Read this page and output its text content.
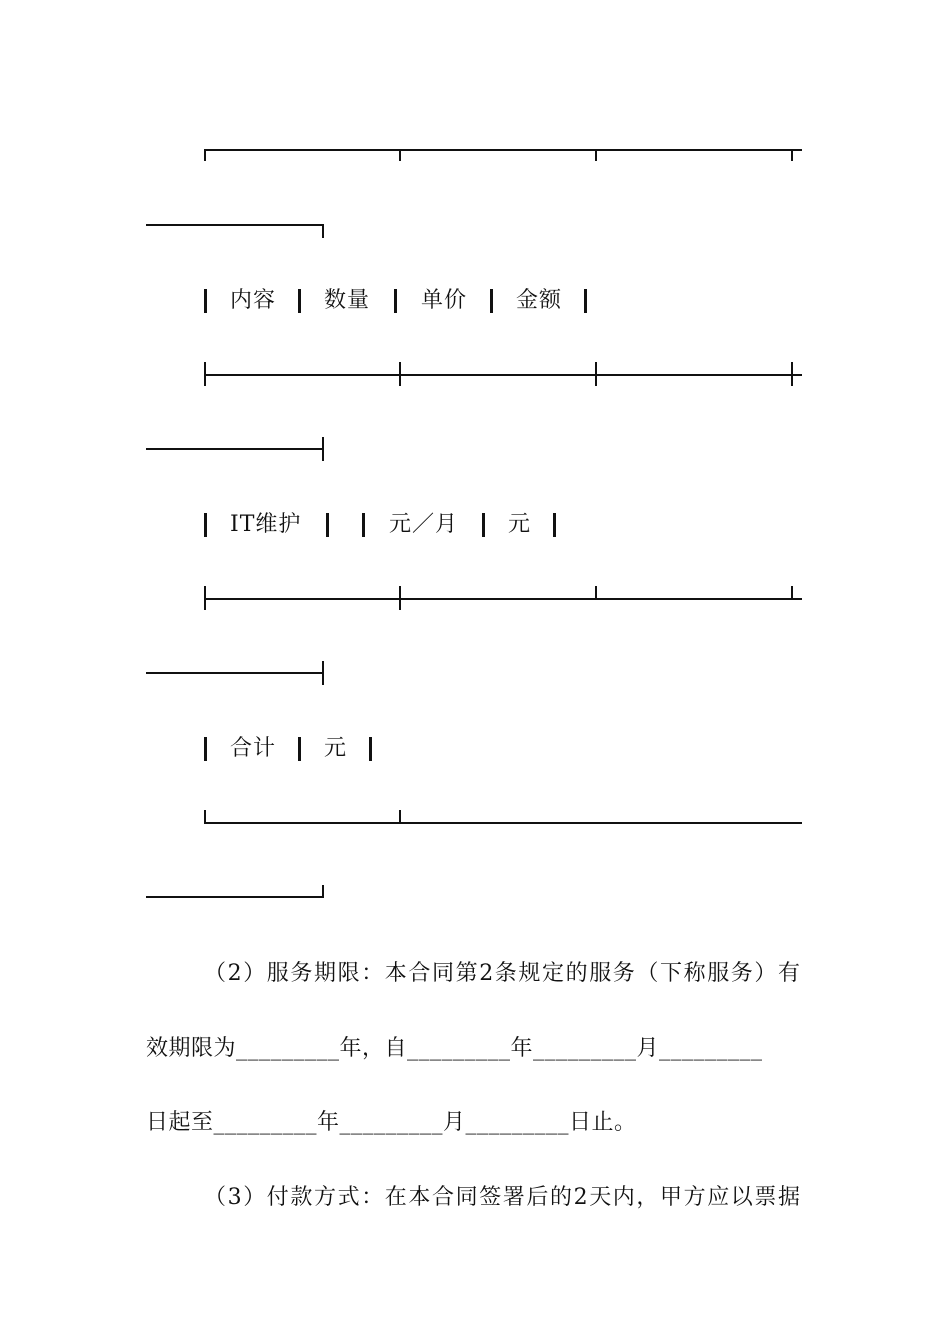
内容 数量 单价 金额
IT维护	元／月 元
合计 元
（2）服务期限：本合同第2条规定的服务（下称服务）有
效期限为_________年，自_________年_________月_________
日起至_________年_________月_________日止。
（3）付款方式：在本合同签署后的2天内，甲方应以票据
